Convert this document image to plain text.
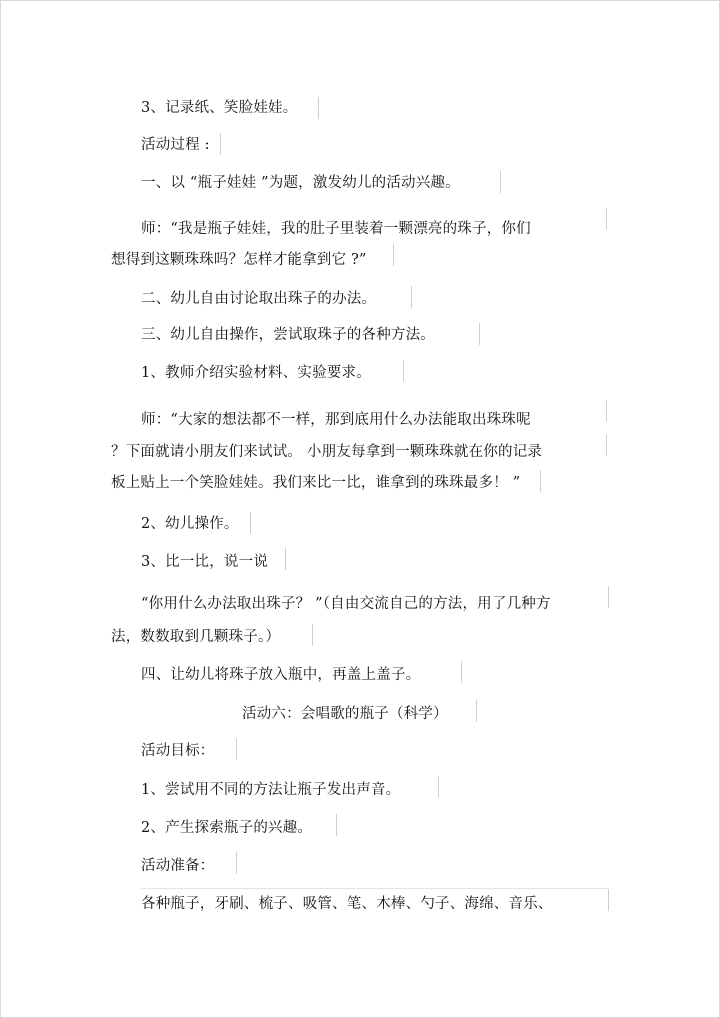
3、记录纸、笑脸娃娃。
活动过程 :
一、以 “瓶子娃娃 ”为题，激发幼儿的活动兴趣。
师：“我是瓶子娃娃，我的肚子里装着一颗漂亮的珠子，你们
想得到这颗珠珠吗？怎样才能拿到它 ?”
二、幼儿自由讨论取出珠子的办法。
三、幼儿自由操作，尝试取珠子的各种方法。
1、教师介绍实验材料、实验要求。
师：“大家的想法都不一样，那到底用什么办法能取出珠珠呢
？下面就请小朋友们来试试。 小朋友每拿到一颗珠珠就在你的记录
板上贴上一个笑脸娃娃。我们来比一比，谁拿到的珠珠最多！ ”
2、幼儿操作。
3、比一比，说一说
“你用什么办法取出珠子？ ”（自由交流自己的方法，用了几种方
法，数数取到几颗珠子。）
四、让幼儿将珠子放入瓶中，再盖上盖子。
活动六：会唱歌的瓶子（科学）
活动目标：
1、尝试用不同的方法让瓶子发出声音。
2、产生探索瓶子的兴趣。
活动准备：
各种瓶子，牙刷、梳子、吸管、笔、木棒、勺子、海绵、音乐、
